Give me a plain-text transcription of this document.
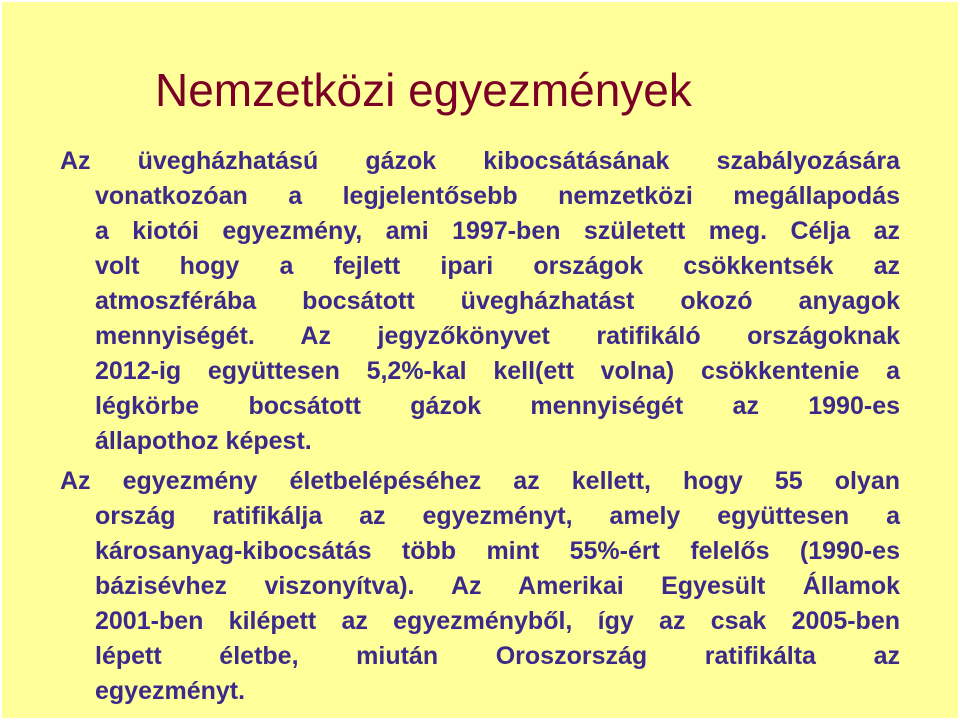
Nemzetközi egyezmények
Az üvegházhatású gázok kibocsátásának szabályozására
vonatkozóan a legjelentősebb nemzetközi megállapodás
a kiotói egyezmény, ami 1997-ben született meg. Célja az
volt hogy a fejlett ipari országok csökkentsék az
atmoszférába bocsátott üvegházhatást okozó anyagok
mennyiségét. Az jegyzőkönyvet ratifikáló országoknak
2012-ig együttesen 5,2%-kal kell(ett volna) csökkentenie a
légkörbe bocsátott gázok mennyiségét az 1990-es
állapothoz képest.
Az egyezmény életbelépéséhez az kellett, hogy 55 olyan
ország ratifikálja az egyezményt, amely együttesen a
károsanyag-kibocsátás több mint 55%-ért felelős (1990-es
bázisévhez viszonyítva). Az Amerikai Egyesült Államok
2001-ben kilépett az egyezményből, így az csak 2005-ben
lépett életbe, miután Oroszország ratifikálta az
egyezményt.
